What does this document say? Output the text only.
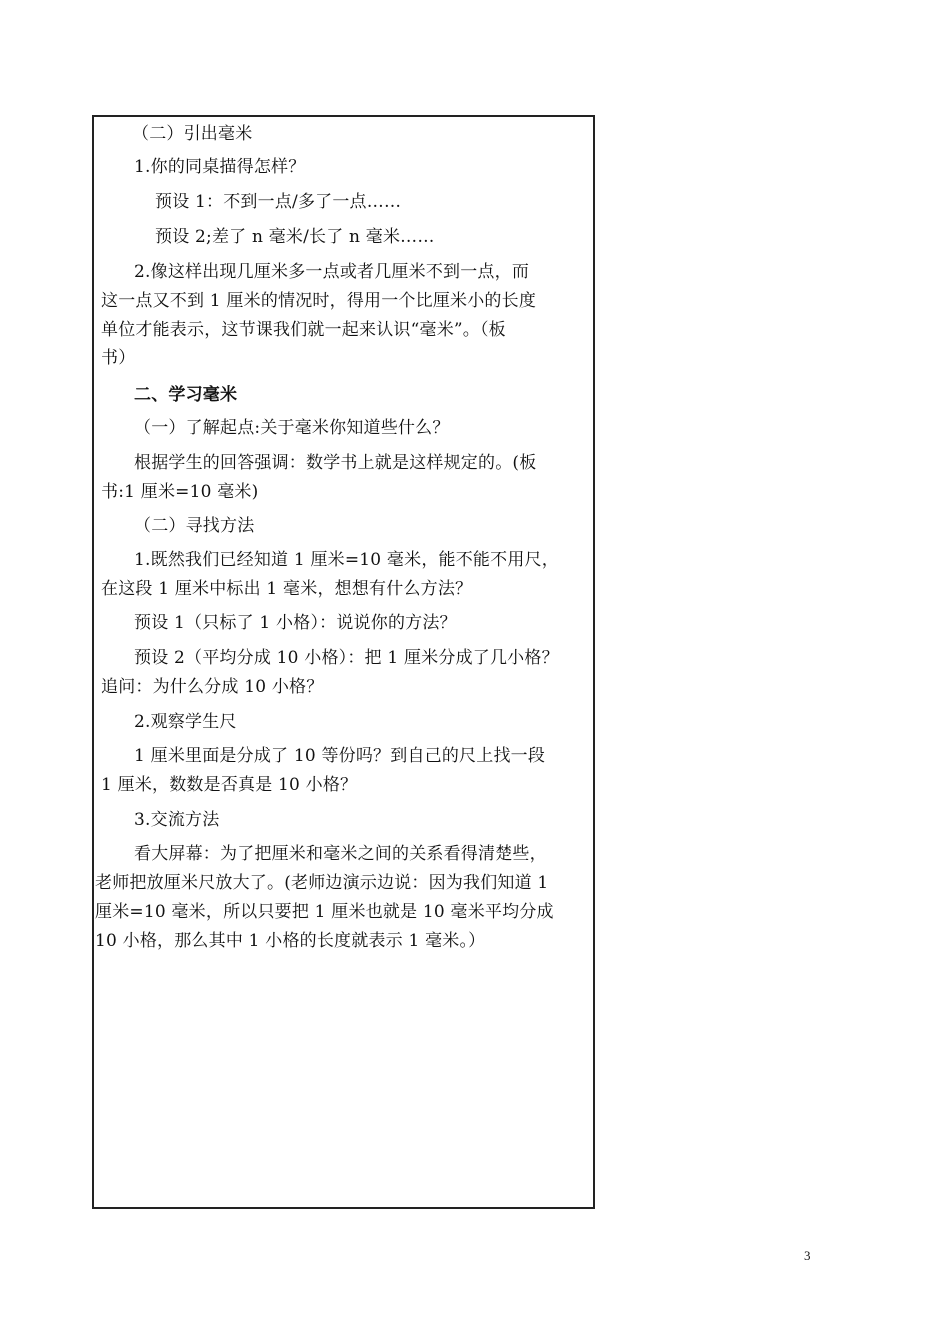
（二）引出毫米
1.你的同桌描得怎样？
预设 1：不到一点/多了一点……
预设 2;差了 n 毫米/长了 n 毫米……
2.像这样出现几厘米多一点或者几厘米不到一点，而
这一点又不到 1 厘米的情况时，得用一个比厘米小的长度
单位才能表示，这节课我们就一起来认识“毫米”。（板
书）
二、学习毫米
（一）了解起点:关于毫米你知道些什么？
根据学生的回答强调：数学书上就是这样规定的。(板
书:1 厘米=10 毫米)
（二）寻找方法
1.既然我们已经知道 1 厘米=10 毫米，能不能不用尺，
在这段 1 厘米中标出 1 毫米，想想有什么方法？
预设 1（只标了 1 小格）：说说你的方法？
预设 2（平均分成 10 小格）：把 1 厘米分成了几小格？
追问：为什么分成 10 小格？
2.观察学生尺
1 厘米里面是分成了 10 等份吗？到自己的尺上找一段
1 厘米，数数是否真是 10 小格？
3.交流方法
看大屏幕：为了把厘米和毫米之间的关系看得清楚些，
老师把放厘米尺放大了。(老师边演示边说：因为我们知道 1
厘米=10 毫米，所以只要把 1 厘米也就是 10 毫米平均分成
10 小格，那么其中 1 小格的长度就表示 1 毫米。）
3
